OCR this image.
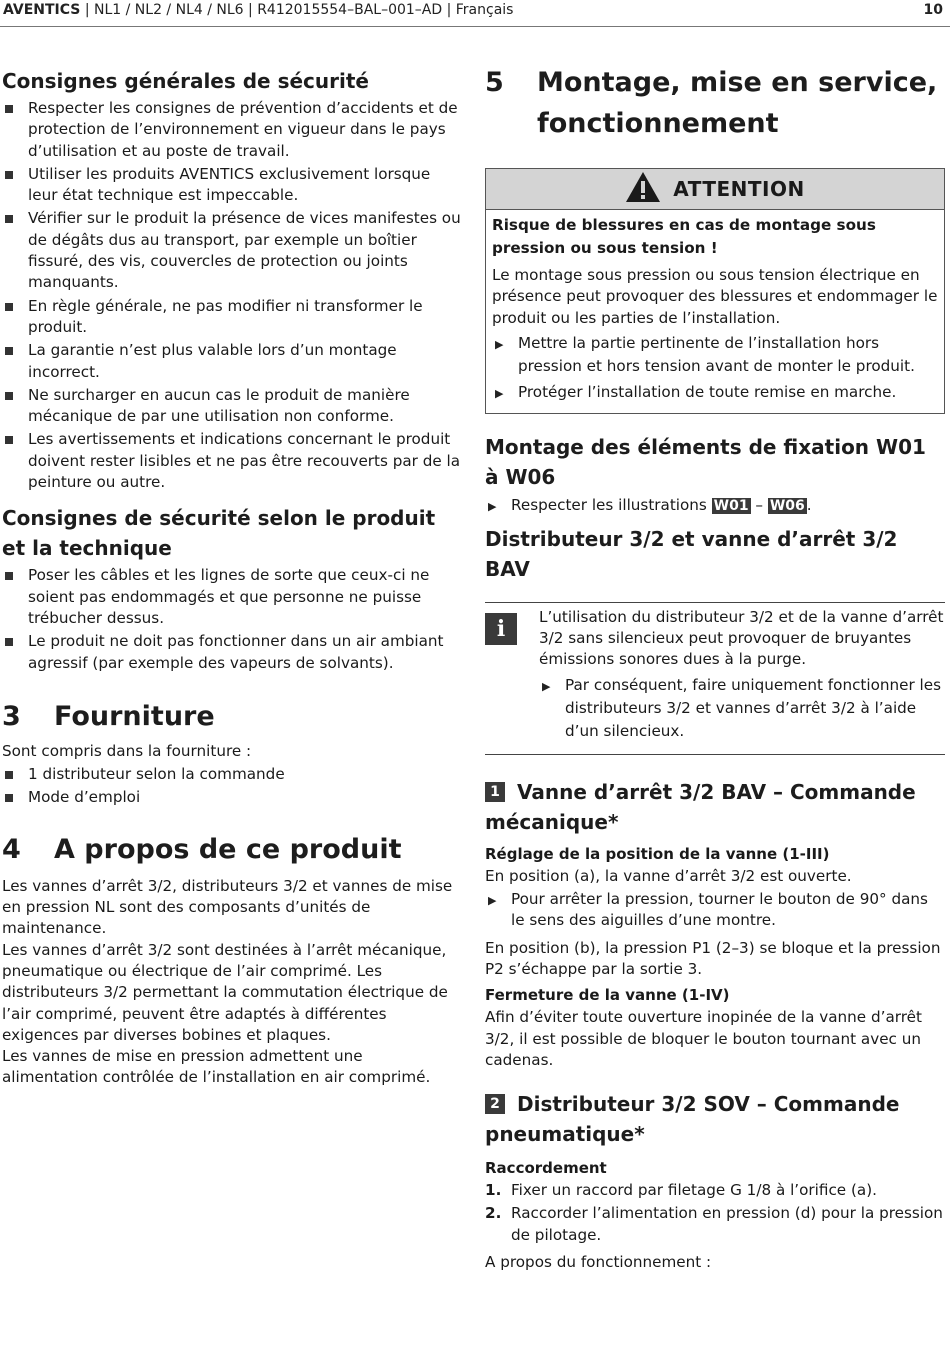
AVENTICS | NL1 / NL2 / NL4 / NL6 | R412015554–BAL–001–AD | Français	10
Consignes générales de sécurité
Respecter les consignes de prévention d’accidents et de protection de l’environnement en vigueur dans le pays d’utilisation et au poste de travail.
Utiliser les produits AVENTICS exclusivement lorsque leur état technique est impeccable.
Vérifier sur le produit la présence de vices manifestes ou de dégâts dus au transport, par exemple un boîtier fissuré, des vis, couvercles de protection ou joints manquants.
En règle générale, ne pas modifier ni transformer le produit.
La garantie n’est plus valable lors d’un montage incorrect.
Ne surcharger en aucun cas le produit de manière mécanique de par une utilisation non conforme.
Les avertissements et indications concernant le produit doivent rester lisibles et ne pas être recouverts par de la peinture ou autre.
Consignes de sécurité selon le produit et la technique
Poser les câbles et les lignes de sorte que ceux-ci ne soient pas endommagés et que personne ne puisse trébucher dessus.
Le produit ne doit pas fonctionner dans un air ambiant agressif (par exemple des vapeurs de solvants).
3 Fourniture

Sont compris dans la fourniture :

1 distributeur selon la commande
Mode d’emploi
4 A propos de ce produit

Les vannes d’arrêt 3/2, distributeurs 3/2 et vannes de mise en pression NL sont des composants d’unités de maintenance.

Les vannes d’arrêt 3/2 sont destinées à l’arrêt mécanique, pneumatique ou électrique de l’air comprimé. Les distributeurs 3/2 permettant la commutation électrique de l’air comprimé, peuvent être adaptés à différentes exigences par diverses bobines et plaques.

Les vannes de mise en pression admettent une alimentation contrôlée de l’installation en air comprimé.

5	Montage, mise en service, fonctionnement
ATTENTION

Risque de blessures en cas de montage sous pression ou sous tension !

Le montage sous pression ou sous tension électrique en présence peut provoquer des blessures et endommager le produit ou les parties de l’installation.

▶ Mettre la partie pertinente de l’installation hors pression et hors tension avant de monter le produit.
▶ Protéger l’installation de toute remise en marche.
Montage des éléments de fixation W01 à W06
▶ Respecter les illustrations W01 – W06 .
Distributeur 3/2 et vanne d’arrêt 3/2 BAV
i	L’utilisation du distributeur 3/2 et de la vanne d’arrêt 3/2 sans silencieux peut provoquer de bruyantes émissions sonores dues à la purge.

▶ Par conséquent, faire uniquement fonctionner les distributeurs 3/2 et vannes d’arrêt 3/2 à l’aide d’un silencieux.
1 Vanne d’arrêt 3/2 BAV – Commande mécanique*
Réglage de la position de la vanne (1-III)

En position (a), la vanne d’arrêt 3/2 est ouverte.

▶ Pour arrêter la pression, tourner le bouton de 90° dans le sens des aiguilles d’une montre.

En position (b), la pression P1 (2–3) se bloque et la pression P2 s’échappe par la sortie 3.

Fermeture de la vanne (1-IV)

Afin d’éviter toute ouverture inopinée de la vanne d’arrêt 3/2, il est possible de bloquer le bouton tournant avec un cadenas.

2 Distributeur 3/2 SOV – Commande pneumatique*
Raccordement
1. Fixer un raccord par filetage G 1/8 à l’orifice (a).
2. Raccorder l’alimentation en pression (d) pour la pression de pilotage.

A propos du fonctionnement :
